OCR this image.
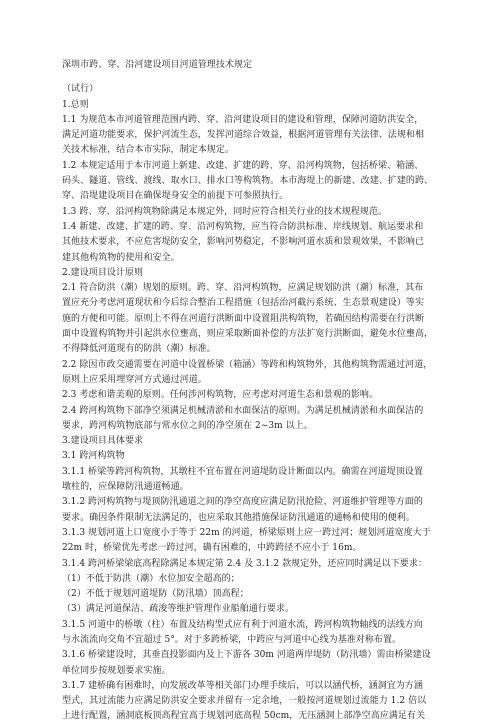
深圳市跨、穿、沿河建设项目河道管理技术规定
（试行）
1.总则
1.1 为规范本市河道管理范围内跨、穿、沿河建设项目的建设和管理，保障河道防洪安全，
满足河道功能要求，保护河流生态，发挥河道综合效益，根据河道管理有关法律、法规和相
关技术标准，结合本市实际，制定本规定。
1.2 本规定适用于本市河道上新建、改建、扩建的跨、穿、沿河构筑物，包括桥梁、箱涵、
码头、隧道、管线、渡线、取水口、排水口等构筑物。本市海堤上的新建、改建、扩建的跨、
穿、沿堤建设项目在确保堤身安全的前提下可参照执行。
1.3 跨、穿、沿河构筑物除满足本规定外，同时应符合相关行业的技术规程规范。
1.4 新建、改建、扩建的跨、穿、沿河构筑物，应当符合防洪标准、岸线规划、航运要求和
其他技术要求，不应危害堤防安全，影响河势稳定，不影响河道水质和景观效果，不影响已
建其他构筑物的使用和安全。
2.建设项目设计原则
2.1 符合防洪（潮）规划的原则。跨、穿、沿河构筑物，应满足规划防洪（潮）标准，其布
置应充分考虑河道现状和今后综合整治工程措施（包括治河截污系统、生态景观建设）等实
施的方便和可能。原则上不得在河道行洪断面中设置阻洪构筑物，若确因结构需要在行洪断
面中设置构筑物并引起洪水位壅高，则应采取断面补偿的方法扩宽行洪断面，避免水位壅高，
不得降低河道现有的防洪（潮）标准。
2.2 除因市政交通需要在河道中设置桥梁（箱涵）等跨和构筑物外，其他构筑物需通过河道，
原则上应采用埋穿河方式通过河道。
2.3 考虑和谐美观的原则。任何涉河构筑物，应考虑对河道生态和景观的影响。
2.4 跨河构筑物下部净空须满足机械清淤和水面保洁的原则。为满足机械清淤和水面保洁的
要求，跨河构筑物底部与常水位之间的净空须在 2~3m 以上。
3.建设项目具体要求
3.1 跨河构筑物
3.1.1 桥梁等跨河构筑物，其墩柱不宜布置在河道堤防设计断面以内。确需在河道堤顶设置
墩柱的，应保障防汛通道畅通。
3.1.2 跨河构筑物与堤顶防汛通道之间的净空高度应满足防汛抢险、河道维护管理等方面的
要求。确因条件限制无法满足的，也应采取其他措施保证防汛通道的通畅和使用的便利。
3.1.3 规划河道上口宽度小于等于 22m 的河道，桥梁原则上应一跨过河；规划河道宽度大于
22m 时，桥梁优先考虑一跨过河，确有困难的，中跨跨径不应小于 16m。
3.1.4 跨河桥梁梁底高程除满足本规定第 2.4 及 3.1.2 款规定外，还应同时满足以下要求：
（1）不低于防洪（潮）水位加安全超高的；
（2）不低于规划河道堤防（防汛墙）顶高程；
（3）满足河道保洁、疏浚等维护管理作业船舶通行要求。
3.1.5 河道中的桥墩（柱）布置及结构型式应有利于河道水流，跨河构筑物轴线的法线方向
与水流流向交角不宜超过 5°。对于多跨桥梁，中跨应与河道中心线为基准对称布置。
3.1.6 桥梁建设时，其垂直投影面内及上下游各 30m 河道两岸堤防（防汛墙）需由桥梁建设
单位同步按规划要求实施。
3.1.7 建桥确有困难时，向发展改革等相关部门办理手续后，可以以涵代桥，涵洞宜为方涵
型式，其过流能力应满足防洪安全要求并留有一定余地，一般按河道规划过流能力 1.2 倍以
上进行配置，涵洞底板顶高程宜高于规划河底高程 50cm，无压涵洞上部净空高应满足有关
